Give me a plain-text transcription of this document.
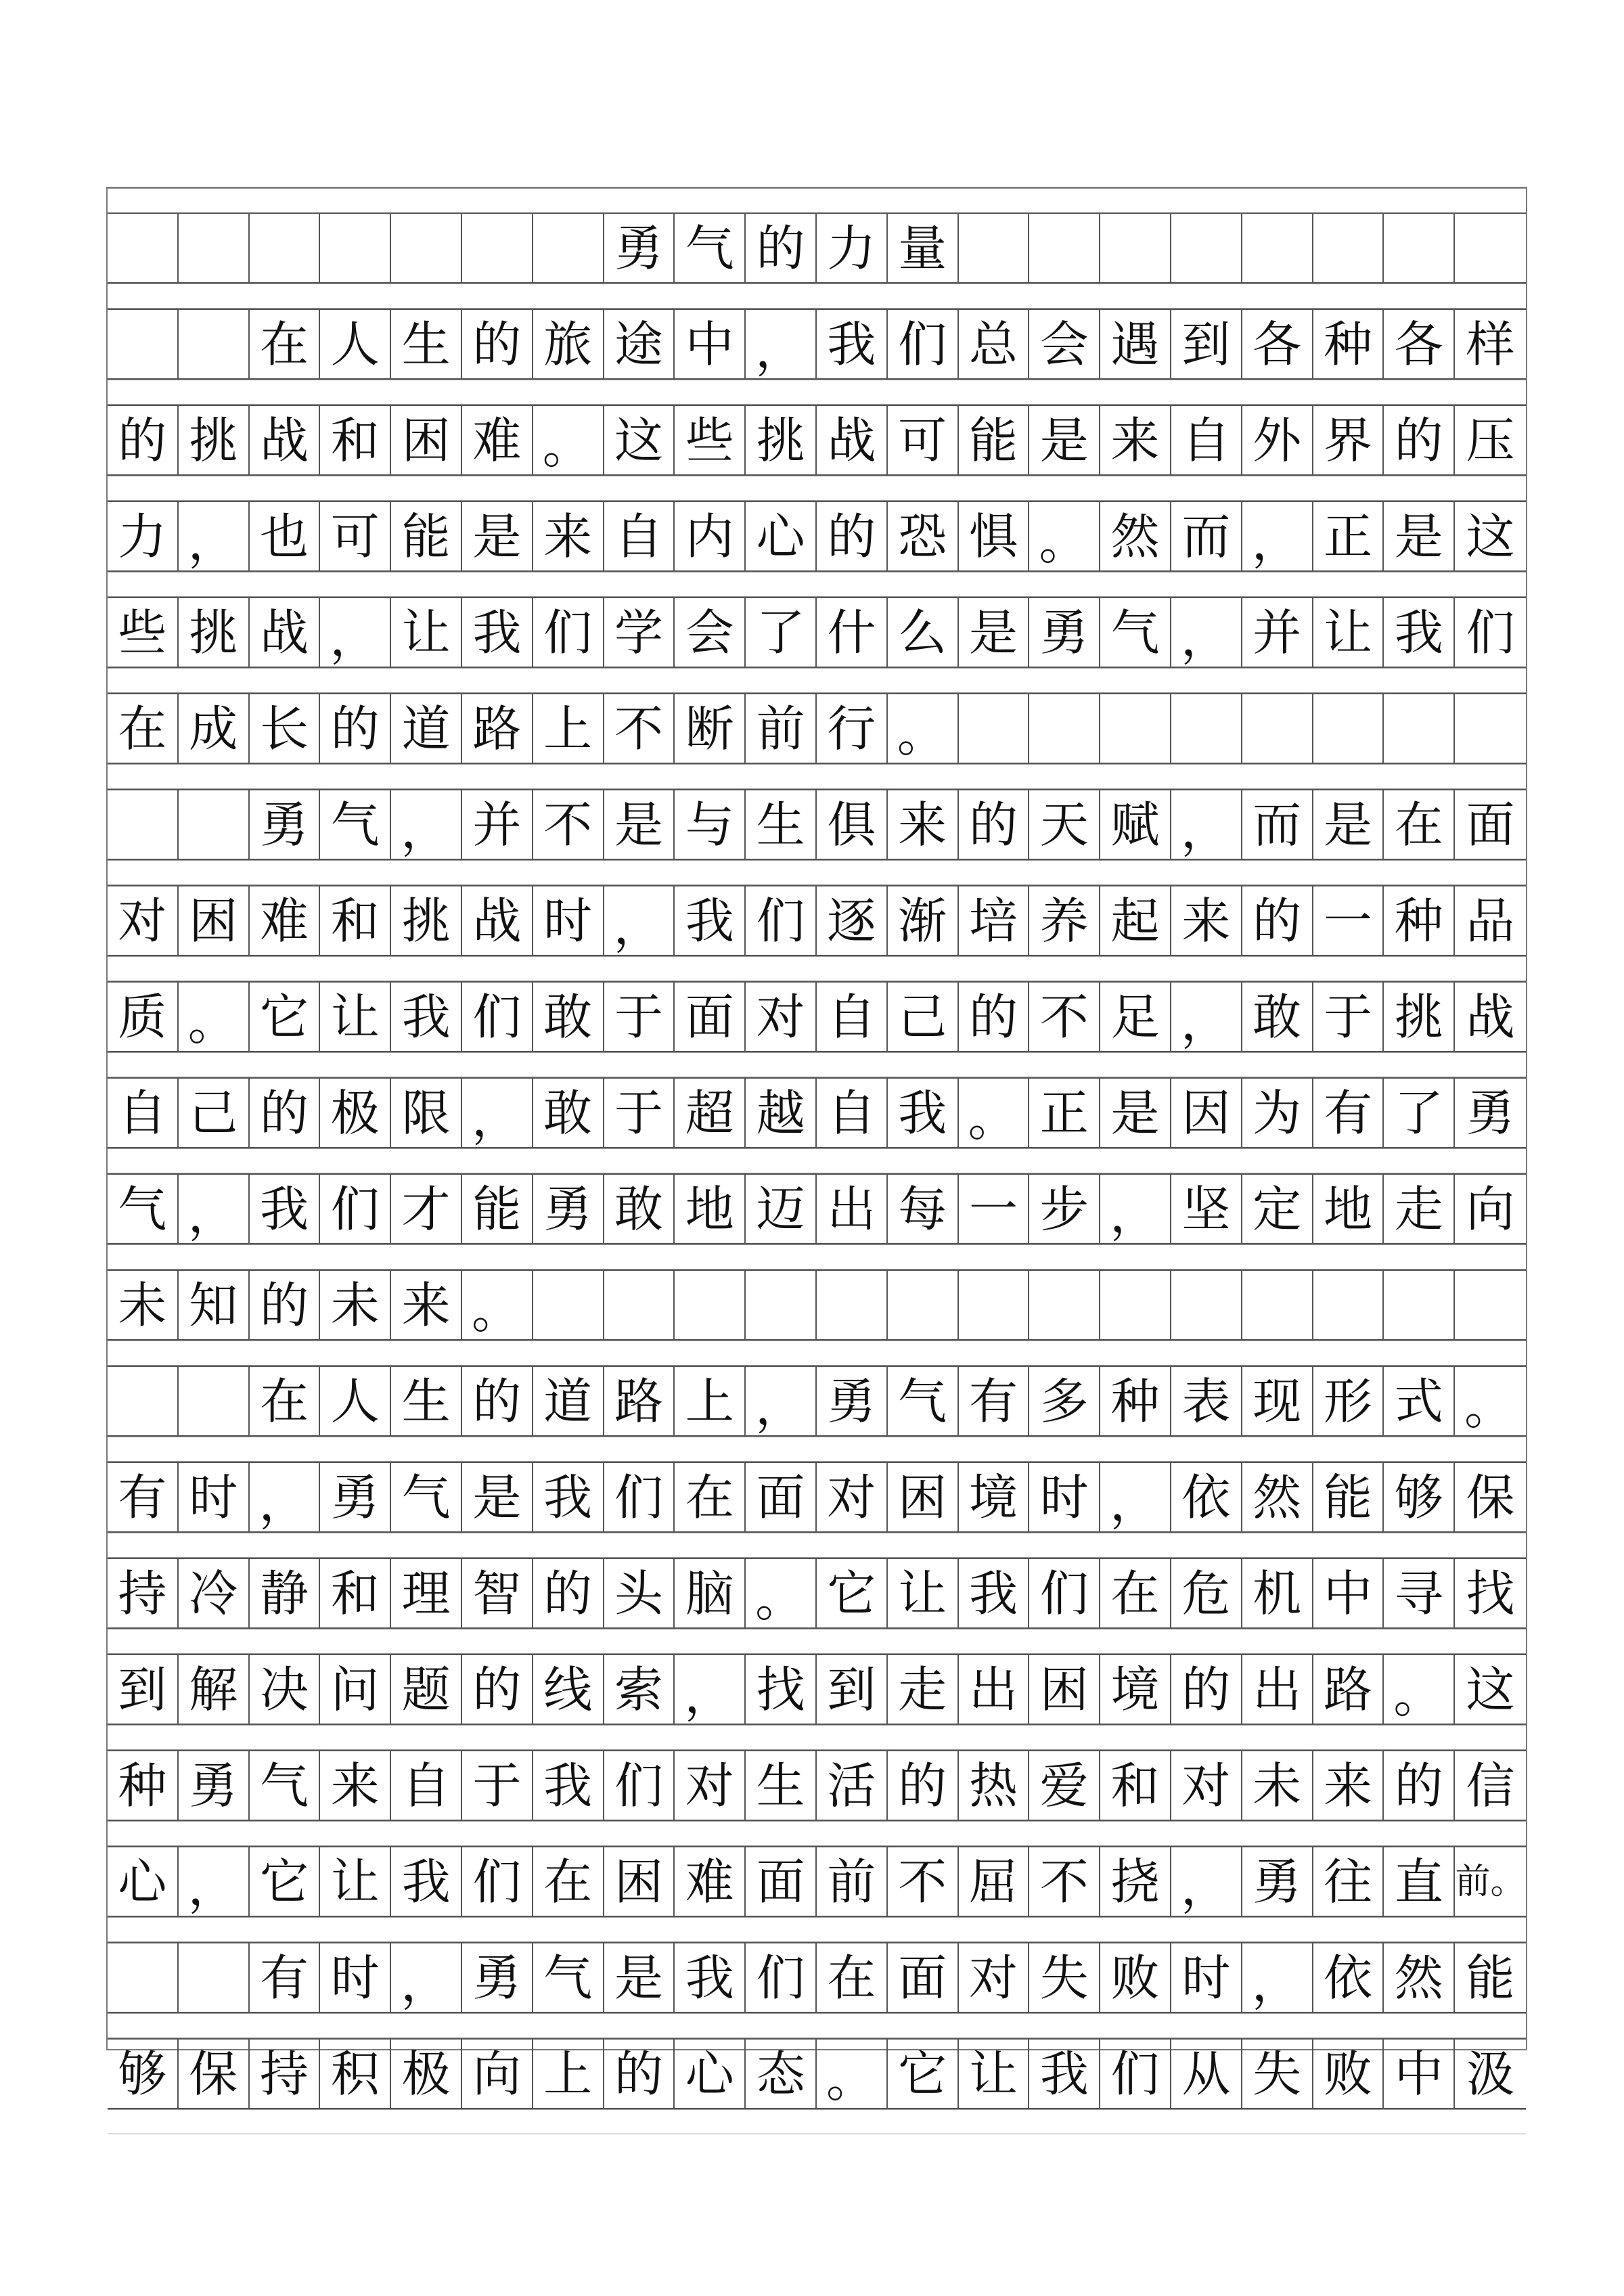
勇 气 的 力 量
在 人 生 的 旅 途 中 ， 我 们 总 会 遇 到 各 种 各 样
的 挑 战 和 困 难 。 这 些 挑 战 可 能 是 来 自 外 界 的 压
力 ， 也 可 能 是 来 自 内 心 的 恐 惧 。 然 而 ， 正 是 这
些 挑 战 ， 让 我 们 学 会 了 什 么 是 勇 气 ， 并 让 我 们
在 成 长 的 道 路 上 不 断 前 行 。
勇 气 ， 并 不 是 与 生 俱 来 的 天 赋 ， 而 是 在 面
对 困 难 和 挑 战 时 ， 我 们 逐 渐 培 养 起 来 的 一 种 品
质 。 它 让 我 们 敢 于 面 对 自 己 的 不 足 ， 敢 于 挑 战
自 己 的 极 限 ， 敢 于 超 越 自 我 。 正 是 因 为 有 了 勇
气 ， 我 们 才 能 勇 敢 地 迈 出 每 一 步 ， 坚 定 地 走 向
未 知 的 未 来 。
在 人 生 的 道 路 上 ， 勇 气 有 多 种 表 现 形 式 。
有 时 ， 勇 气 是 我 们 在 面 对 困 境 时 ， 依 然 能 够 保
持 冷 静 和 理 智 的 头 脑 。 它 让 我 们 在 危 机 中 寻 找
到 解 决 问 题 的 线 索 ， 找 到 走 出 困 境 的 出 路 。 这
种 勇 气 来 自 于 我 们 对 生 活 的 热 爱 和 对 未 来 的 信
心 ， 它 让 我 们 在 困 难 面 前 不 屈 不 挠 ， 勇 往 直 前。
有 时 ， 勇 气 是 我 们 在 面 对 失 败 时 ， 依 然 能
够 保 持 积 极 向 上 的 心 态 。 它 让 我 们 从 失 败 中 汲
